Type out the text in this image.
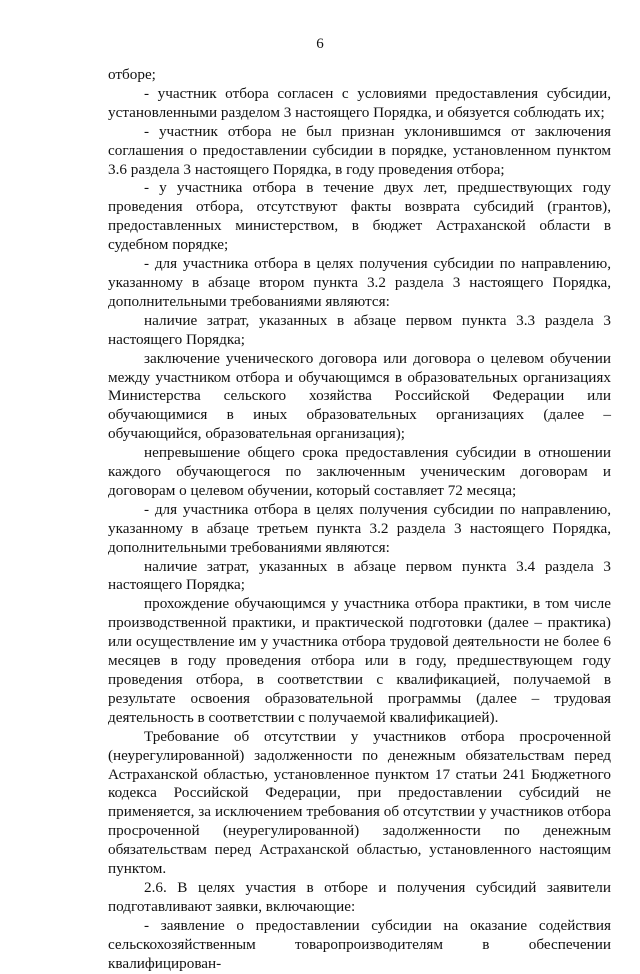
6

отборе;

- участник отбора согласен с условиями предоставления субсидии, установленными разделом 3 настоящего Порядка, и обязуется соблюдать их;

- участник отбора не был признан уклонившимся от заключения соглашения о предоставлении субсидии в порядке, установленном пунктом 3.6 раздела 3 настоящего Порядка, в году проведения отбора;

- у участника отбора в течение двух лет, предшествующих году проведения отбора, отсутствуют факты возврата субсидий (грантов), предоставленных министерством, в бюджет Астраханской области в судебном порядке;

- для участника отбора в целях получения субсидии по направлению, указанному в абзаце втором пункта 3.2 раздела 3 настоящего Порядка, дополнительными требованиями являются:

наличие затрат, указанных в абзаце первом пункта 3.3 раздела 3 настоящего Порядка;

заключение ученического договора или договора о целевом обучении между участником отбора и обучающимся в образовательных организациях Министерства сельского хозяйства Российской Федерации или обучающимися в иных образовательных организациях (далее – обучающийся, образовательная организация);

непревышение общего срока предоставления субсидии в отношении каждого обучающегося по заключенным ученическим договорам и договорам о целевом обучении, который составляет 72 месяца;

- для участника отбора в целях получения субсидии по направлению, указанному в абзаце третьем пункта 3.2 раздела 3 настоящего Порядка, дополнительными требованиями являются:

наличие затрат, указанных в абзаце первом пункта 3.4 раздела 3 настоящего Порядка;

прохождение обучающимся у участника отбора практики, в том числе производственной практики, и практической подготовки (далее – практика) или осуществление им у участника отбора трудовой деятельности не более 6 месяцев в году проведения отбора или в году, предшествующем году проведения отбора, в соответствии с квалификацией, получаемой в результате освоения образовательной программы (далее – трудовая деятельность в соответствии с получаемой квалификацией).

Требование об отсутствии у участников отбора просроченной (неурегулированной) задолженности по денежным обязательствам перед Астраханской областью, установленное пунктом 17 статьи 241 Бюджетного кодекса Российской Федерации, при предоставлении субсидий не применяется, за исключением требования об отсутствии у участников отбора просроченной (неурегулированной) задолженности по денежным обязательствам перед Астраханской областью, установленного настоящим пунктом.

2.6. В целях участия в отборе и получения субсидий заявители подготавливают заявки, включающие:

- заявление о предоставлении субсидии на оказание содействия сельскохозяйственным товаропроизводителям в обеспечении квалифицирован-
